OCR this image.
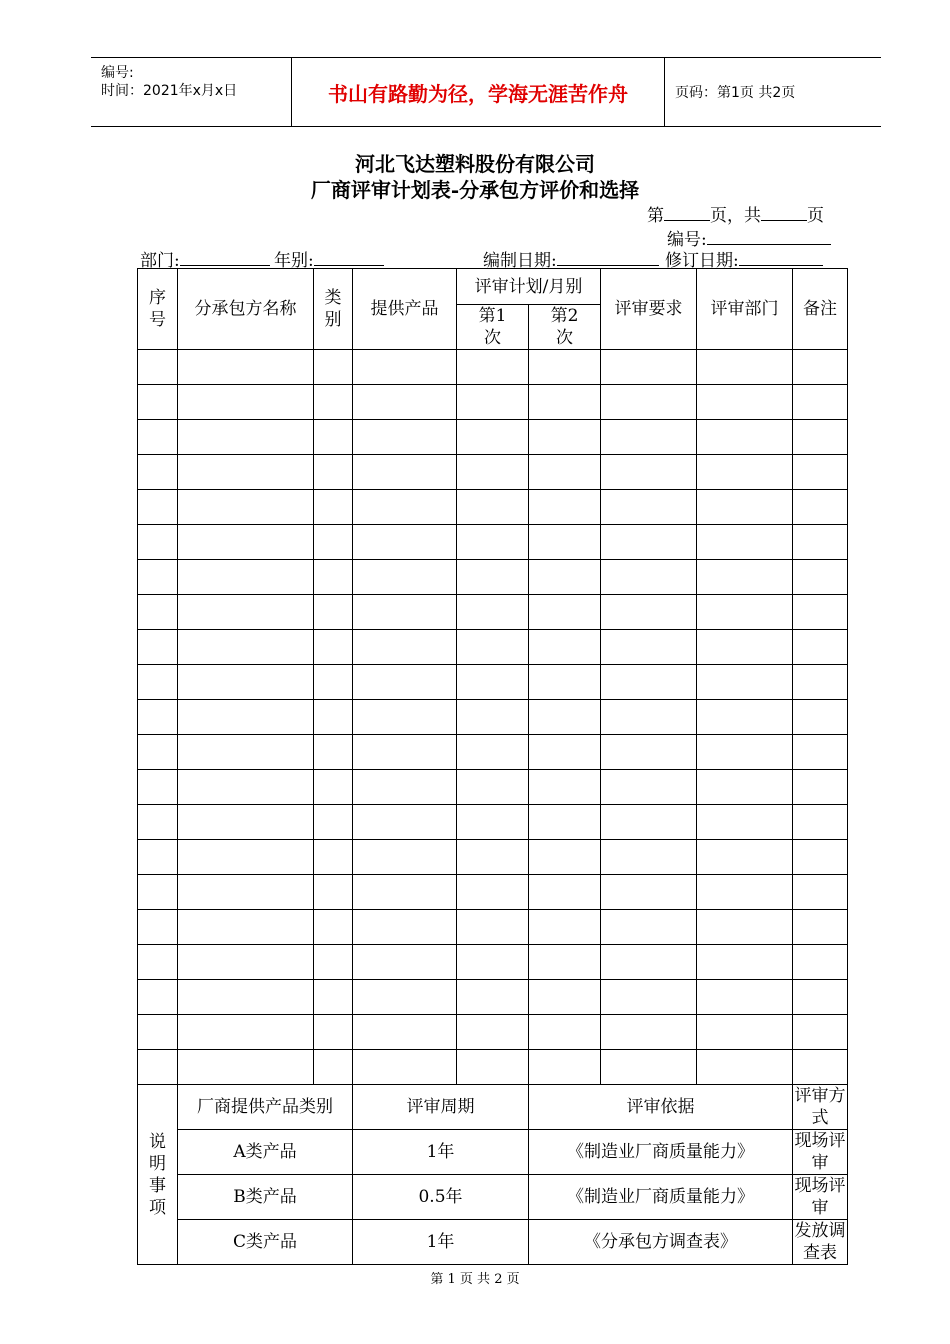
编号:
时间：2021年x月x日	书山有路勤为径，学海无涯苦作舟	页码：第1页 共2页
河北飞达塑料股份有限公司
厂商评审计划表-分承包方评价和选择
第	页，共	页
编号:
部门:	年别:	编制日期:	修订日期:
序号	分承包方名称	类别	提供产品	评审计划/月别		评审要求	评审部门	备注
				第1次	第2次			

说明事项	厂商提供产品类别		评审周期		评审依据			评审方式
	A类产品		1年		《制造业厂商质量能力》			现场评审
	B类产品		0.5年		《制造业厂商质量能力》			现场评审
	C类产品		1年		《分承包方调查表》			发放调查表
第 1 页 共 2 页
